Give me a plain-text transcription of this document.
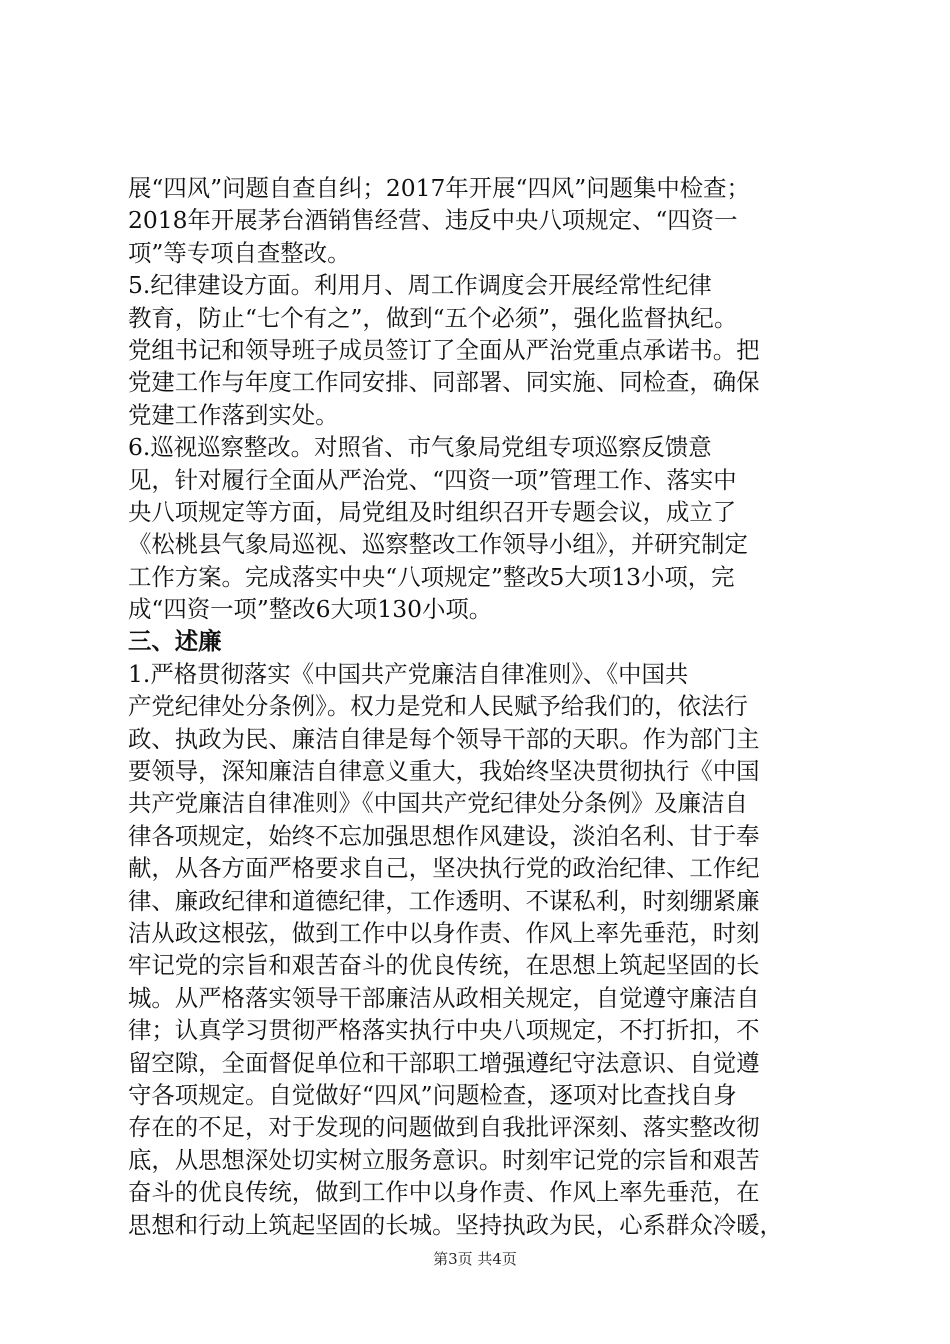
展“四风”问题自查自纠；2017年开展“四风”问题集中检查；
2018年开展茅台酒销售经营、违反中央八项规定、“四资一
项”等专项自查整改。
5.纪律建设方面。利用月、周工作调度会开展经常性纪律
教育，防止“七个有之”，做到“五个必须”，强化监督执纪。
党组书记和领导班子成员签订了全面从严治党重点承诺书。把
党建工作与年度工作同安排、同部署、同实施、同检查，确保
党建工作落到实处。
6.巡视巡察整改。对照省、市气象局党组专项巡察反馈意
见，针对履行全面从严治党、“四资一项”管理工作、落实中
央八项规定等方面，局党组及时组织召开专题会议，成立了
《松桃县气象局巡视、巡察整改工作领导小组》，并研究制定
工作方案。完成落实中央“八项规定”整改5大项13小项，完
成“四资一项”整改6大项130小项。
三、述廉
1.严格贯彻落实《中国共产党廉洁自律准则》、《中国共
产党纪律处分条例》。权力是党和人民赋予给我们的，依法行
政、执政为民、廉洁自律是每个领导干部的天职。作为部门主
要领导，深知廉洁自律意义重大，我始终坚决贯彻执行《中国
共产党廉洁自律准则》《中国共产党纪律处分条例》及廉洁自
律各项规定，始终不忘加强思想作风建设，淡泊名利、甘于奉
献，从各方面严格要求自己，坚决执行党的政治纪律、工作纪
律、廉政纪律和道德纪律，工作透明、不谋私利，时刻绷紧廉
洁从政这根弦，做到工作中以身作责、作风上率先垂范，时刻
牢记党的宗旨和艰苦奋斗的优良传统，在思想上筑起坚固的长
城。从严格落实领导干部廉洁从政相关规定，自觉遵守廉洁自
律；认真学习贯彻严格落实执行中央八项规定，不打折扣，不
留空隙，全面督促单位和干部职工增强遵纪守法意识、自觉遵
守各项规定。自觉做好“四风”问题检查，逐项对比查找自身
存在的不足，对于发现的问题做到自我批评深刻、落实整改彻
底，从思想深处切实树立服务意识。时刻牢记党的宗旨和艰苦
奋斗的优良传统，做到工作中以身作责、作风上率先垂范，在
思想和行动上筑起坚固的长城。坚持执政为民，心系群众冷暖，
第3页 共4页
